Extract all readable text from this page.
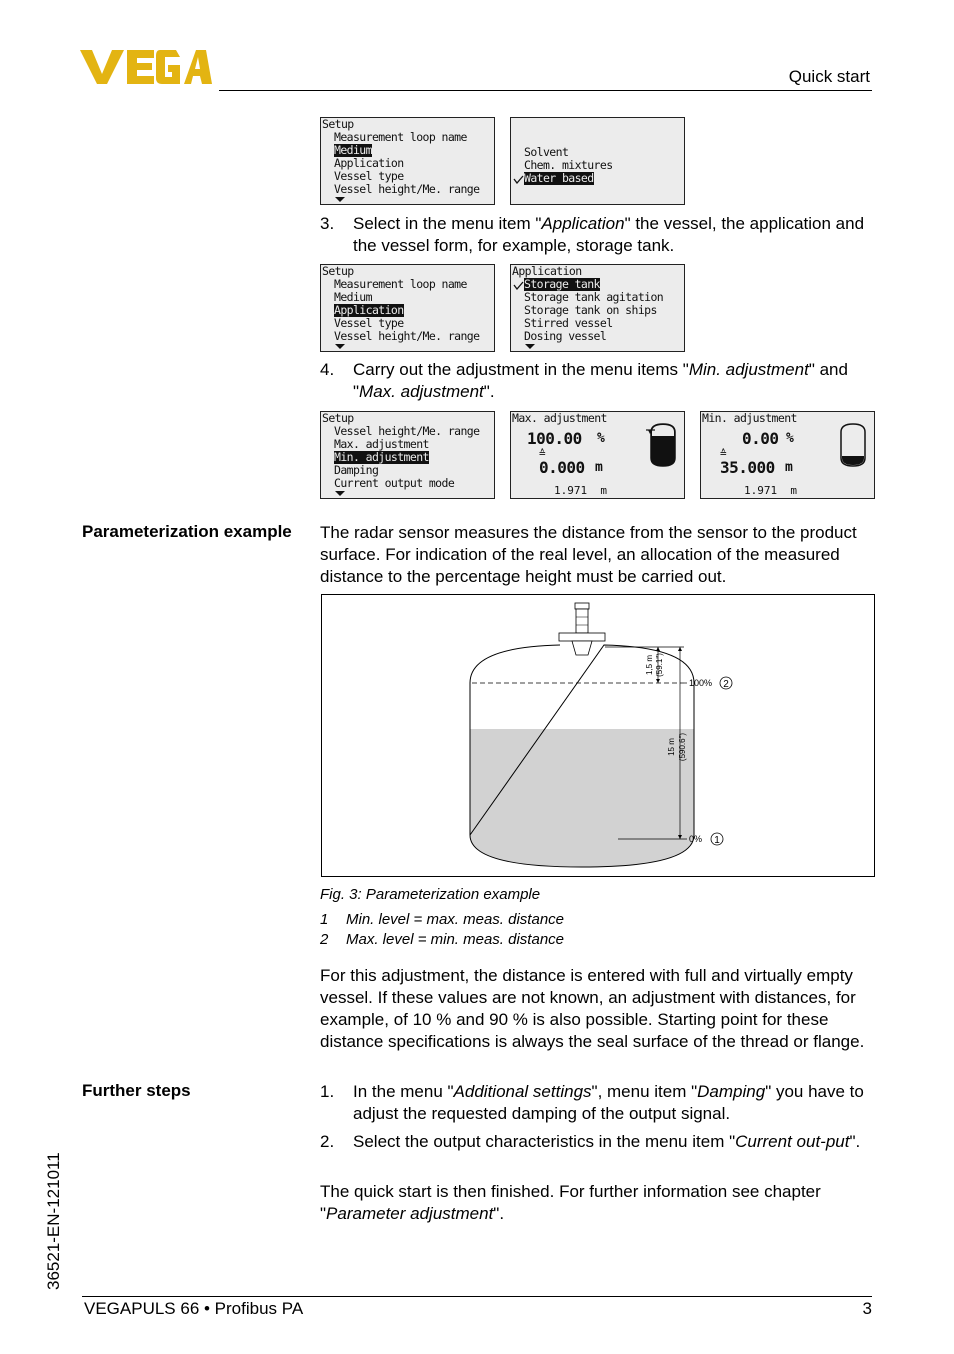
Quick start
Setup
Measurement loop name
Medium
Application
Vessel type
Vessel height/Me. range
Solvent
Chem. mixtures
Water based
3. Select in the menu item "Application" the vessel, the application and the vessel form, for example, storage tank.
Setup
Measurement loop name
Medium
Application
Vessel type
Vessel height/Me. range
Application
Storage tank
Storage tank agitation
Storage tank on ships
Stirred vessel
Dosing vessel
4. Carry out the adjustment in the menu items "Min. adjustment" and "Max. adjustment".
Setup
Vessel height/Me. range
Max. adjustment
Min. adjustment
Damping
Current output mode
Max. adjustment
100.00 %
≙
0.000 m
1.971  m
Min. adjustment
0.00 %
≙
35.000 m
1.971  m
Parameterization example The radar sensor measures the distance from the sensor to the product surface. For indication of the real level, an allocation of the measured distance to the percentage height must be carried out.
1,5 m (59.1")
15 m (590.6")
100% 2
0% 1
Fig. 3: Parameterization example
1 Min. level = max. meas. distance
2 Max. level = min. meas. distance
For this adjustment, the distance is entered with full and virtually empty vessel. If these values are not known, an adjustment with distances, for example, of 10 % and 90 % is also possible. Starting point for these distance specifications is always the seal surface of the thread or flange.
Further steps	1. In the menu "Additional settings", menu item "Damping" you have to adjust the requested damping of the output signal.
2. Select the output characteristics in the menu item "Current out-put".
The quick start is then finished. For further information see chapter "Parameter adjustment".
36521-EN-121011
VEGAPULS 66 • Profibus PA	3
